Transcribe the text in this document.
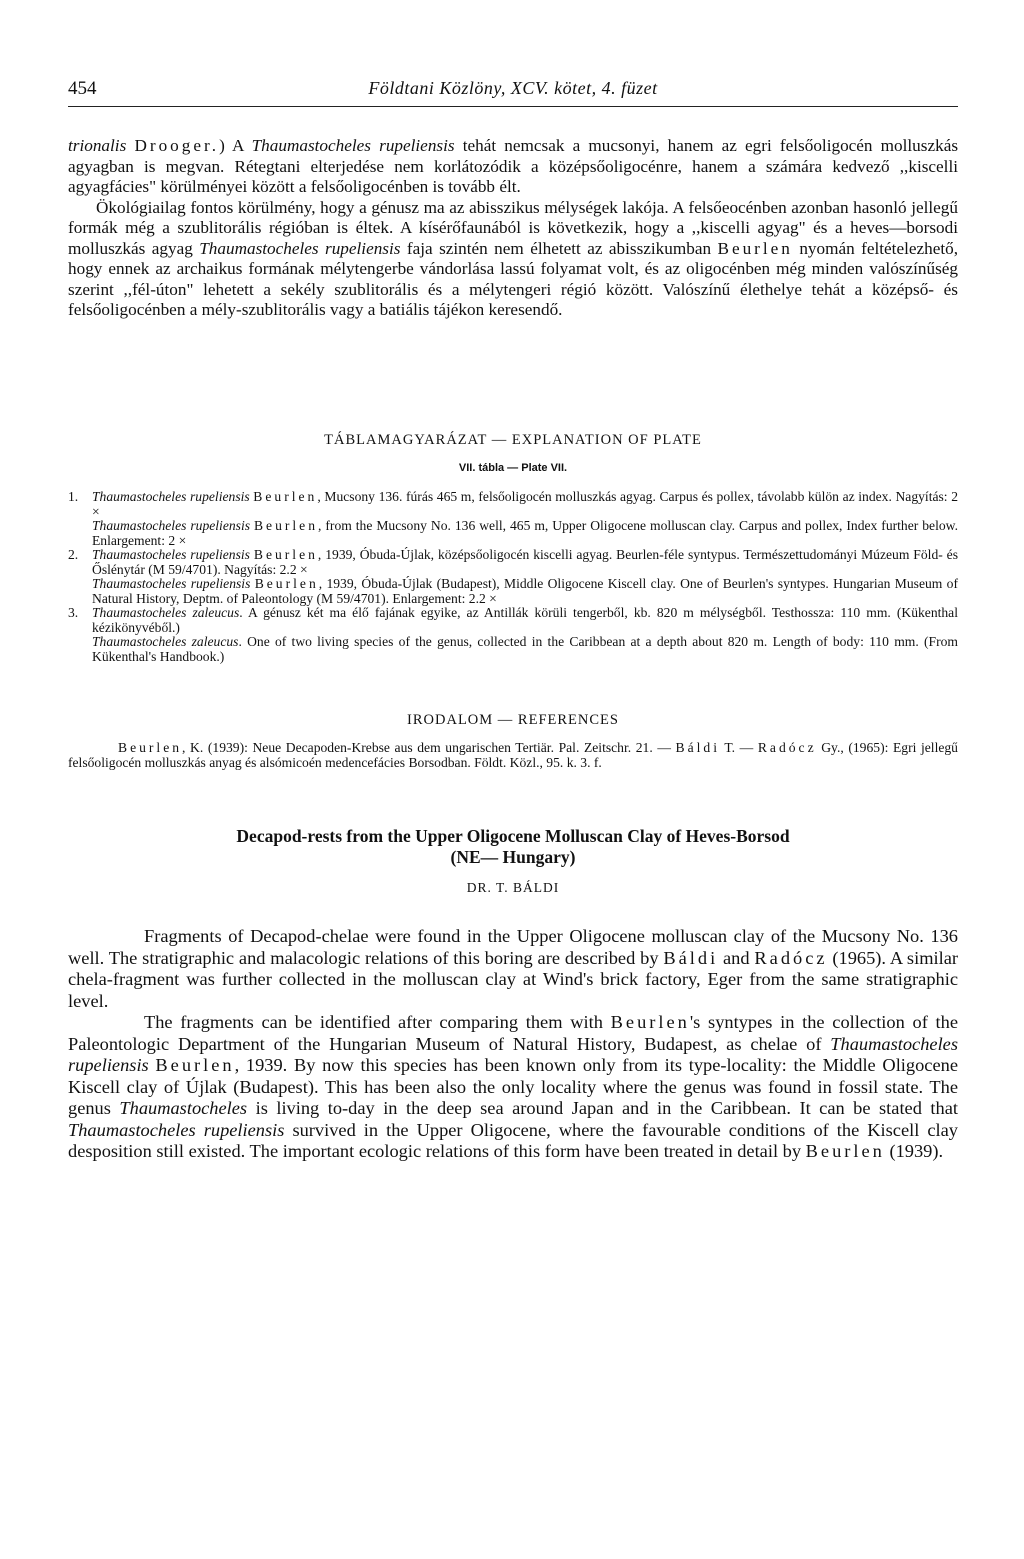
454	Földtani Közlöny, XCV. kötet, 4. füzet

trionalis Drooger.) A Thaumastocheles rupeliensis tehát nemcsak a mucsonyi, hanem az egri felsőoligocén molluszkás agyagban is megvan. Rétegtani elterjedése nem korlátozódik a középsőoligocénre, hanem a számára kedvező ,,kiscelli agyagfácies" körülményei között a felsőoligocénben is tovább élt.

Ökológiailag fontos körülmény, hogy a génusz ma az abisszikus mélységek lakója. A felsőeocénben azonban hasonló jellegű formák még a szublitorális régióban is éltek. A kísérőfaunából is következik, hogy a ,,kiscelli agyag" és a heves—borsodi molluszkás agyag Thaumastocheles rupeliensis faja szintén nem élhetett az abisszikumban Beurlen nyomán feltételezhető, hogy ennek az archaikus formának mélytengerbe vándorlása lassú folyamat volt, és az oligocénben még minden valószínűség szerint ,,fél-úton" lehetett a sekély szublitorális és a mélytengeri régió között. Valószínű élethelye tehát a középső- és felsőoligocénben a mély-szublitorális vagy a batiális tájékon keresendő.

TÁBLAMAGYARÁZAT — EXPLANATION OF PLATE
VII. tábla — Plate VII.
1.	Thaumastocheles rupeliensis Beurlen, Mucsony 136. fúrás 465 m, felsőoligocén molluszkás agyag. Carpus és pollex, távolabb külön az index. Nagyítás: 2 ×
Thaumastocheles rupeliensis Beurlen, from the Mucsony No. 136 well, 465 m, Upper Oligocene molluscan clay. Carpus and pollex, Index further below. Enlargement: 2 ×
2.	Thaumastocheles rupeliensis Beurlen, 1939, Óbuda-Újlak, középsőoligocén kiscelli agyag. Beurlen-féle syntypus. Természettudományi Múzeum Föld- és Őslénytár (M 59/4701). Nagyítás: 2.2 ×
Thaumastocheles rupeliensis Beurlen, 1939, Óbuda-Újlak (Budapest), Middle Oligocene Kiscell clay. One of Beurlen's syntypes. Hungarian Museum of Natural History, Deptm. of Paleontology (M 59/4701). Enlargement: 2.2 ×
3.	Thaumastocheles zaleucus. A génusz két ma élő fajának egyike, az Antillák körüli tengerből, kb. 820 m mélységből. Testhossza: 110 mm. (Kükenthal kézikönyvéből.)
Thaumastocheles zaleucus. One of two living species of the genus, collected in the Caribbean at a depth about 820 m. Length of body: 110 mm. (From Kükenthal's Handbook.)
IRODALOM — REFERENCES
Beurlen, K. (1939): Neue Decapoden-Krebse aus dem ungarischen Tertiär. Pal. Zeitschr. 21. — Báldi T. — Radócz Gy., (1965): Egri jellegű felsőoligocén molluszkás anyag és alsómicoén medencefácies Borsodban. Földt. Közl., 95. k. 3. f.
Decapod-rests from the Upper Oligocene Molluscan Clay of Heves-Borsod
(NE— Hungary)
DR. T. BÁLDI

Fragments of Decapod-chelae were found in the Upper Oligocene molluscan clay of the Mucsony No. 136 well. The stratigraphic and malacologic relations of this boring are described by Báldi and Radócz (1965). A similar chela-fragment was further collected in the molluscan clay at Wind's brick factory, Eger from the same stratigraphic level.

The fragments can be identified after comparing them with Beurlen's syntypes in the collection of the Paleontologic Department of the Hungarian Museum of Natural History, Budapest, as chelae of Thaumastocheles rupeliensis Beurlen, 1939. By now this species has been known only from its type-locality: the Middle Oligocene Kiscell clay of Újlak (Budapest). This has been also the only locality where the genus was found in fossil state. The genus Thaumastocheles is living to-day in the deep sea around Japan and in the Caribbean. It can be stated that Thaumastocheles rupeliensis survived in the Upper Oligocene, where the favourable conditions of the Kiscell clay desposition still existed. The important ecologic relations of this form have been treated in detail by Beurlen (1939).
